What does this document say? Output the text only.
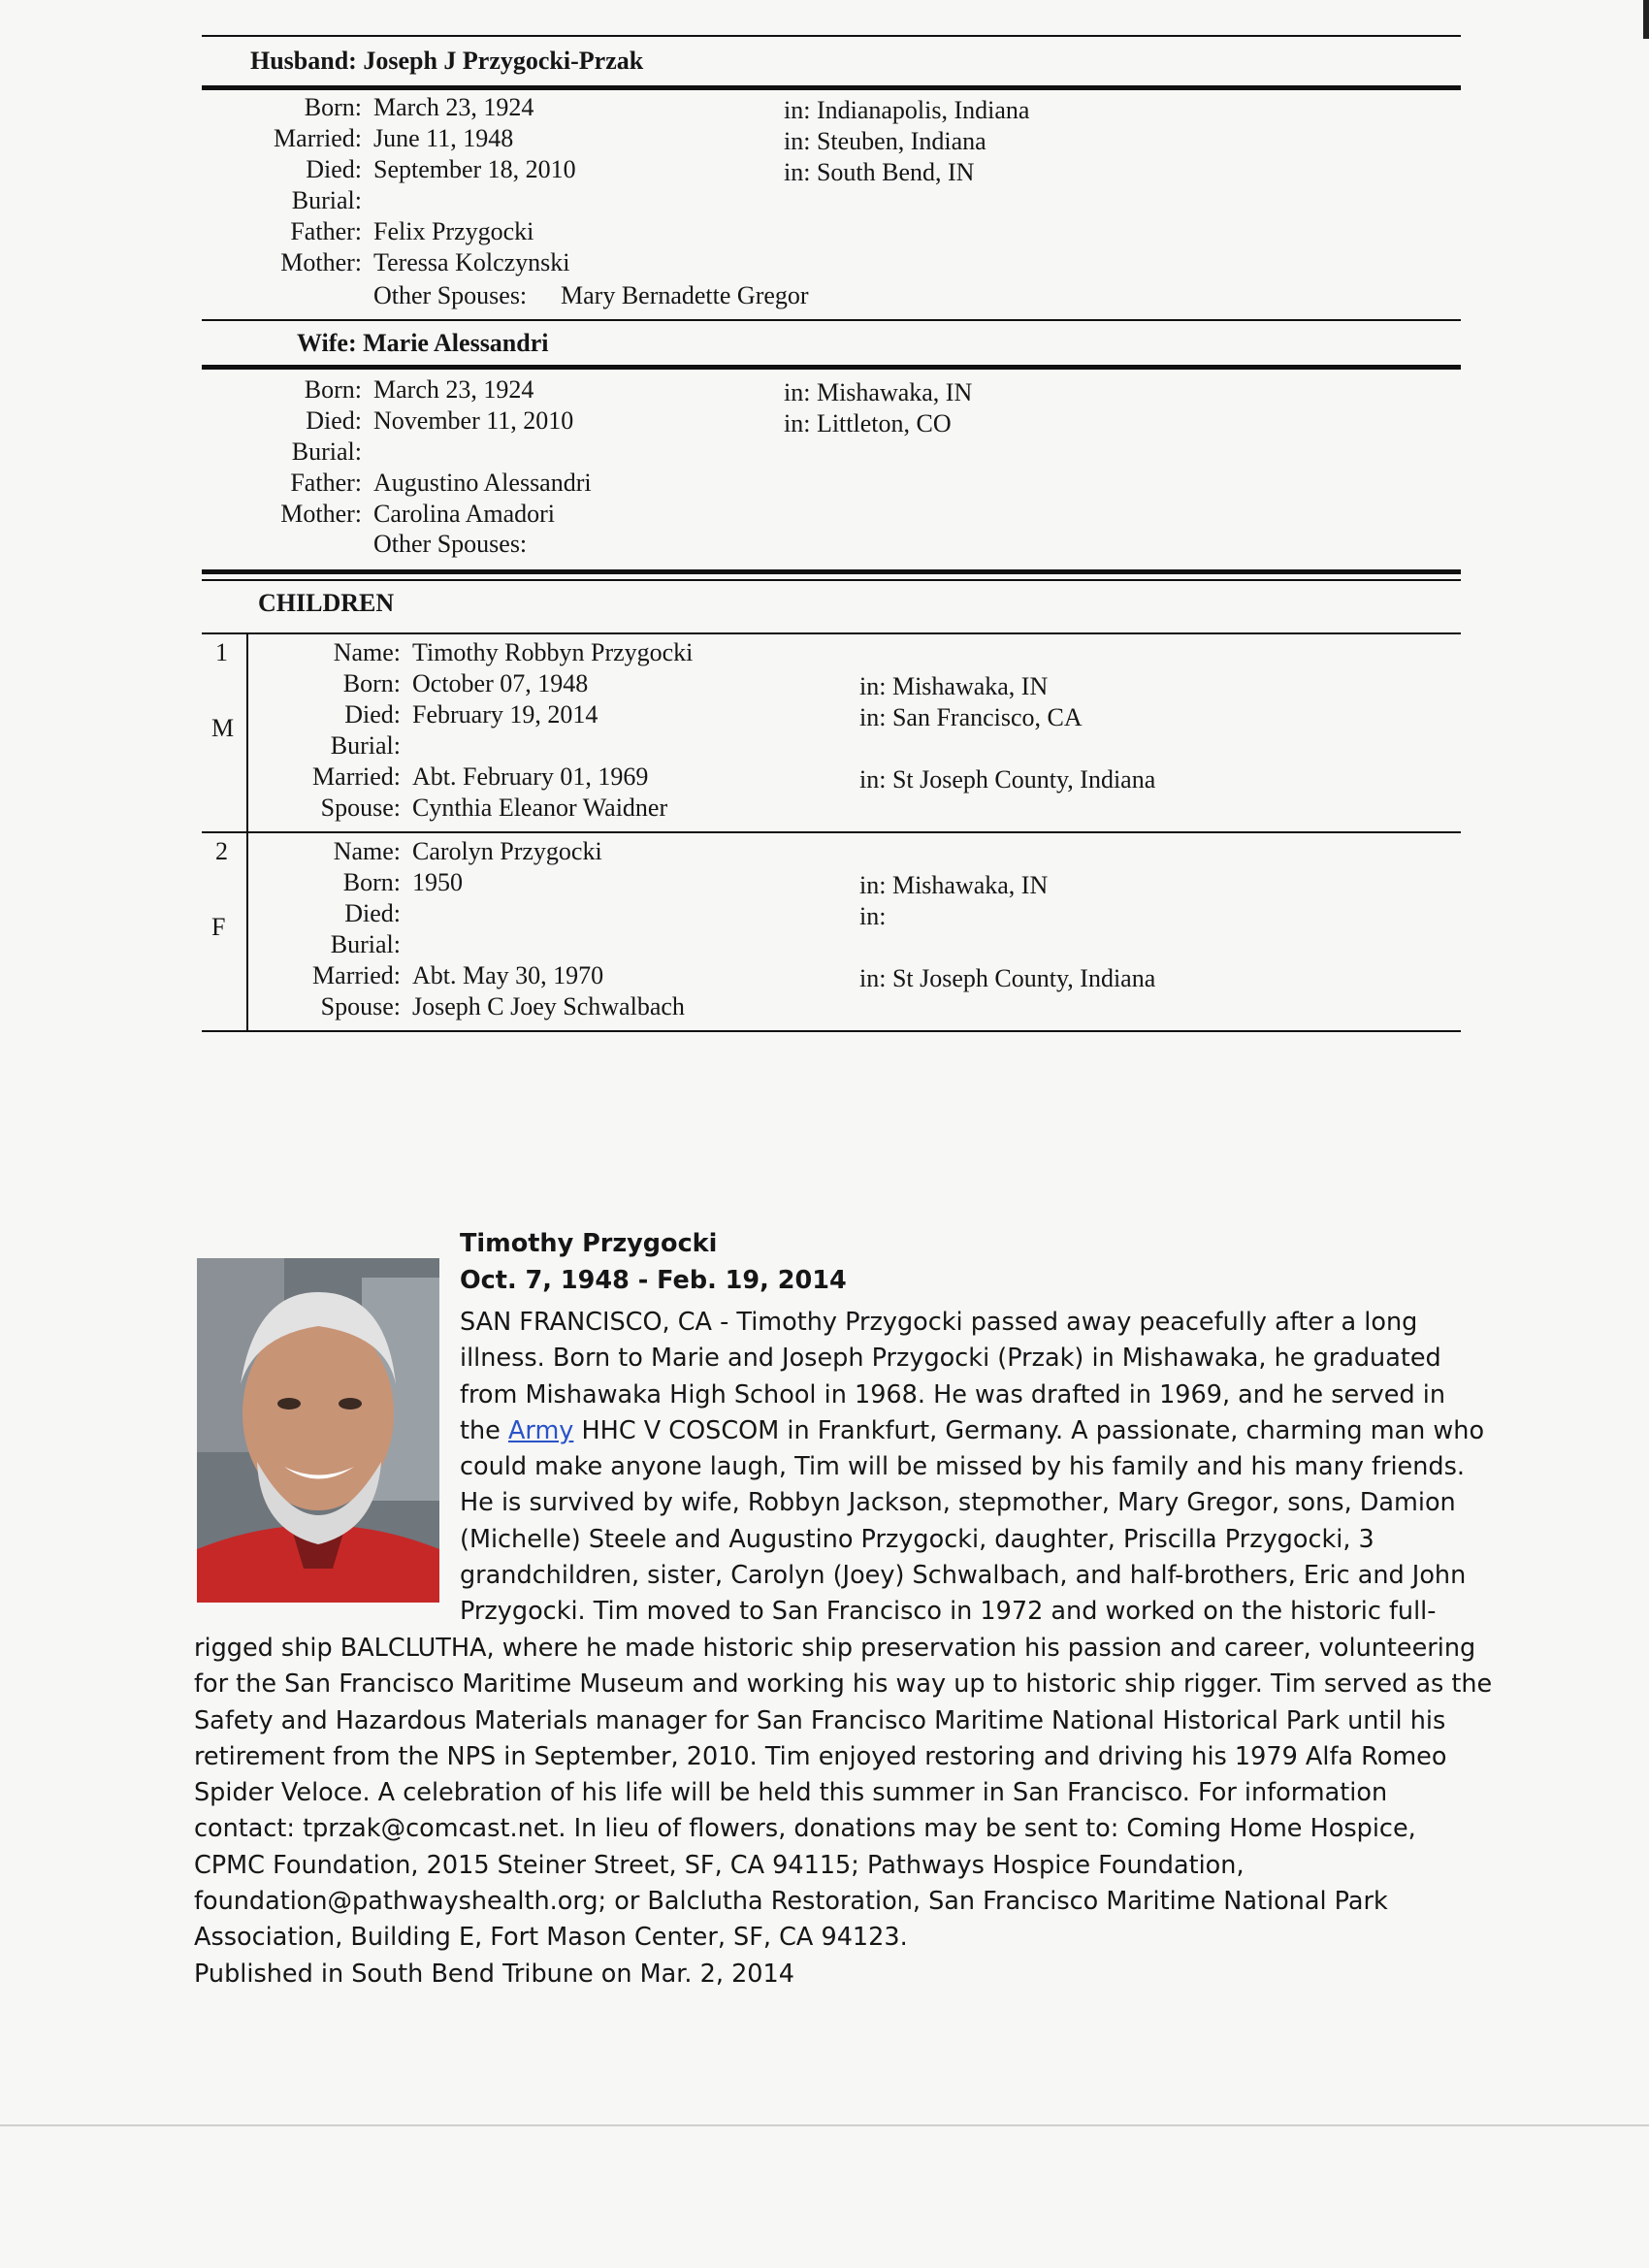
Husband: Joseph J Przygocki-Przak
Born: March 23, 1924	in: Indianapolis, Indiana
Married: June 11, 1948	in: Steuben, Indiana
Died: September 18, 2010	in: South Bend, IN
Burial:
Father: Felix Przygocki
Mother: Teressa Kolczynski
Other Spouses: Mary Bernadette Gregor
Wife: Marie Alessandri
Born: March 23, 1924	in: Mishawaka, IN
Died: November 11, 2010	in: Littleton, CO
Burial:
Father: Augustino Alessandri
Mother: Carolina Amadori
Other Spouses:
CHILDREN
1
M
Name: Timothy Robbyn Przygocki
Born: October 07, 1948	in: Mishawaka, IN
Died: February 19, 2014	in: San Francisco, CA
Burial:
Married: Abt. February 01, 1969	in: St Joseph County, Indiana
Spouse: Cynthia Eleanor Waidner
2
F
Name: Carolyn Przygocki
Born: 1950	in: Mishawaka, IN
Died:	in:
Burial:
Married: Abt. May 30, 1970	in: St Joseph County, Indiana
Spouse: Joseph C Joey Schwalbach
Timothy Przygocki
Oct. 7, 1948 - Feb. 19, 2014
SAN FRANCISCO, CA - Timothy Przygocki passed away peacefully after a long
illness. Born to Marie and Joseph Przygocki (Przak) in Mishawaka, he graduated
from Mishawaka High School in 1968. He was drafted in 1969, and he served in
the Army HHC V COSCOM in Frankfurt, Germany. A passionate, charming man who
could make anyone laugh, Tim will be missed by his family and his many friends.
He is survived by wife, Robbyn Jackson, stepmother, Mary Gregor, sons, Damion
(Michelle) Steele and Augustino Przygocki, daughter, Priscilla Przygocki, 3
grandchildren, sister, Carolyn (Joey) Schwalbach, and half-brothers, Eric and John
Przygocki. Tim moved to San Francisco in 1972 and worked on the historic full-
rigged ship BALCLUTHA, where he made historic ship preservation his passion and career, volunteering
for the San Francisco Maritime Museum and working his way up to historic ship rigger. Tim served as the
Safety and Hazardous Materials manager for San Francisco Maritime National Historical Park until his
retirement from the NPS in September, 2010. Tim enjoyed restoring and driving his 1979 Alfa Romeo
Spider Veloce. A celebration of his life will be held this summer in San Francisco. For information
contact: tprzak@comcast.net. In lieu of flowers, donations may be sent to: Coming Home Hospice,
CPMC Foundation, 2015 Steiner Street, SF, CA 94115; Pathways Hospice Foundation,
foundation@pathwayshealth.org; or Balclutha Restoration, San Francisco Maritime National Park
Association, Building E, Fort Mason Center, SF, CA 94123.
Published in South Bend Tribune on Mar. 2, 2014
